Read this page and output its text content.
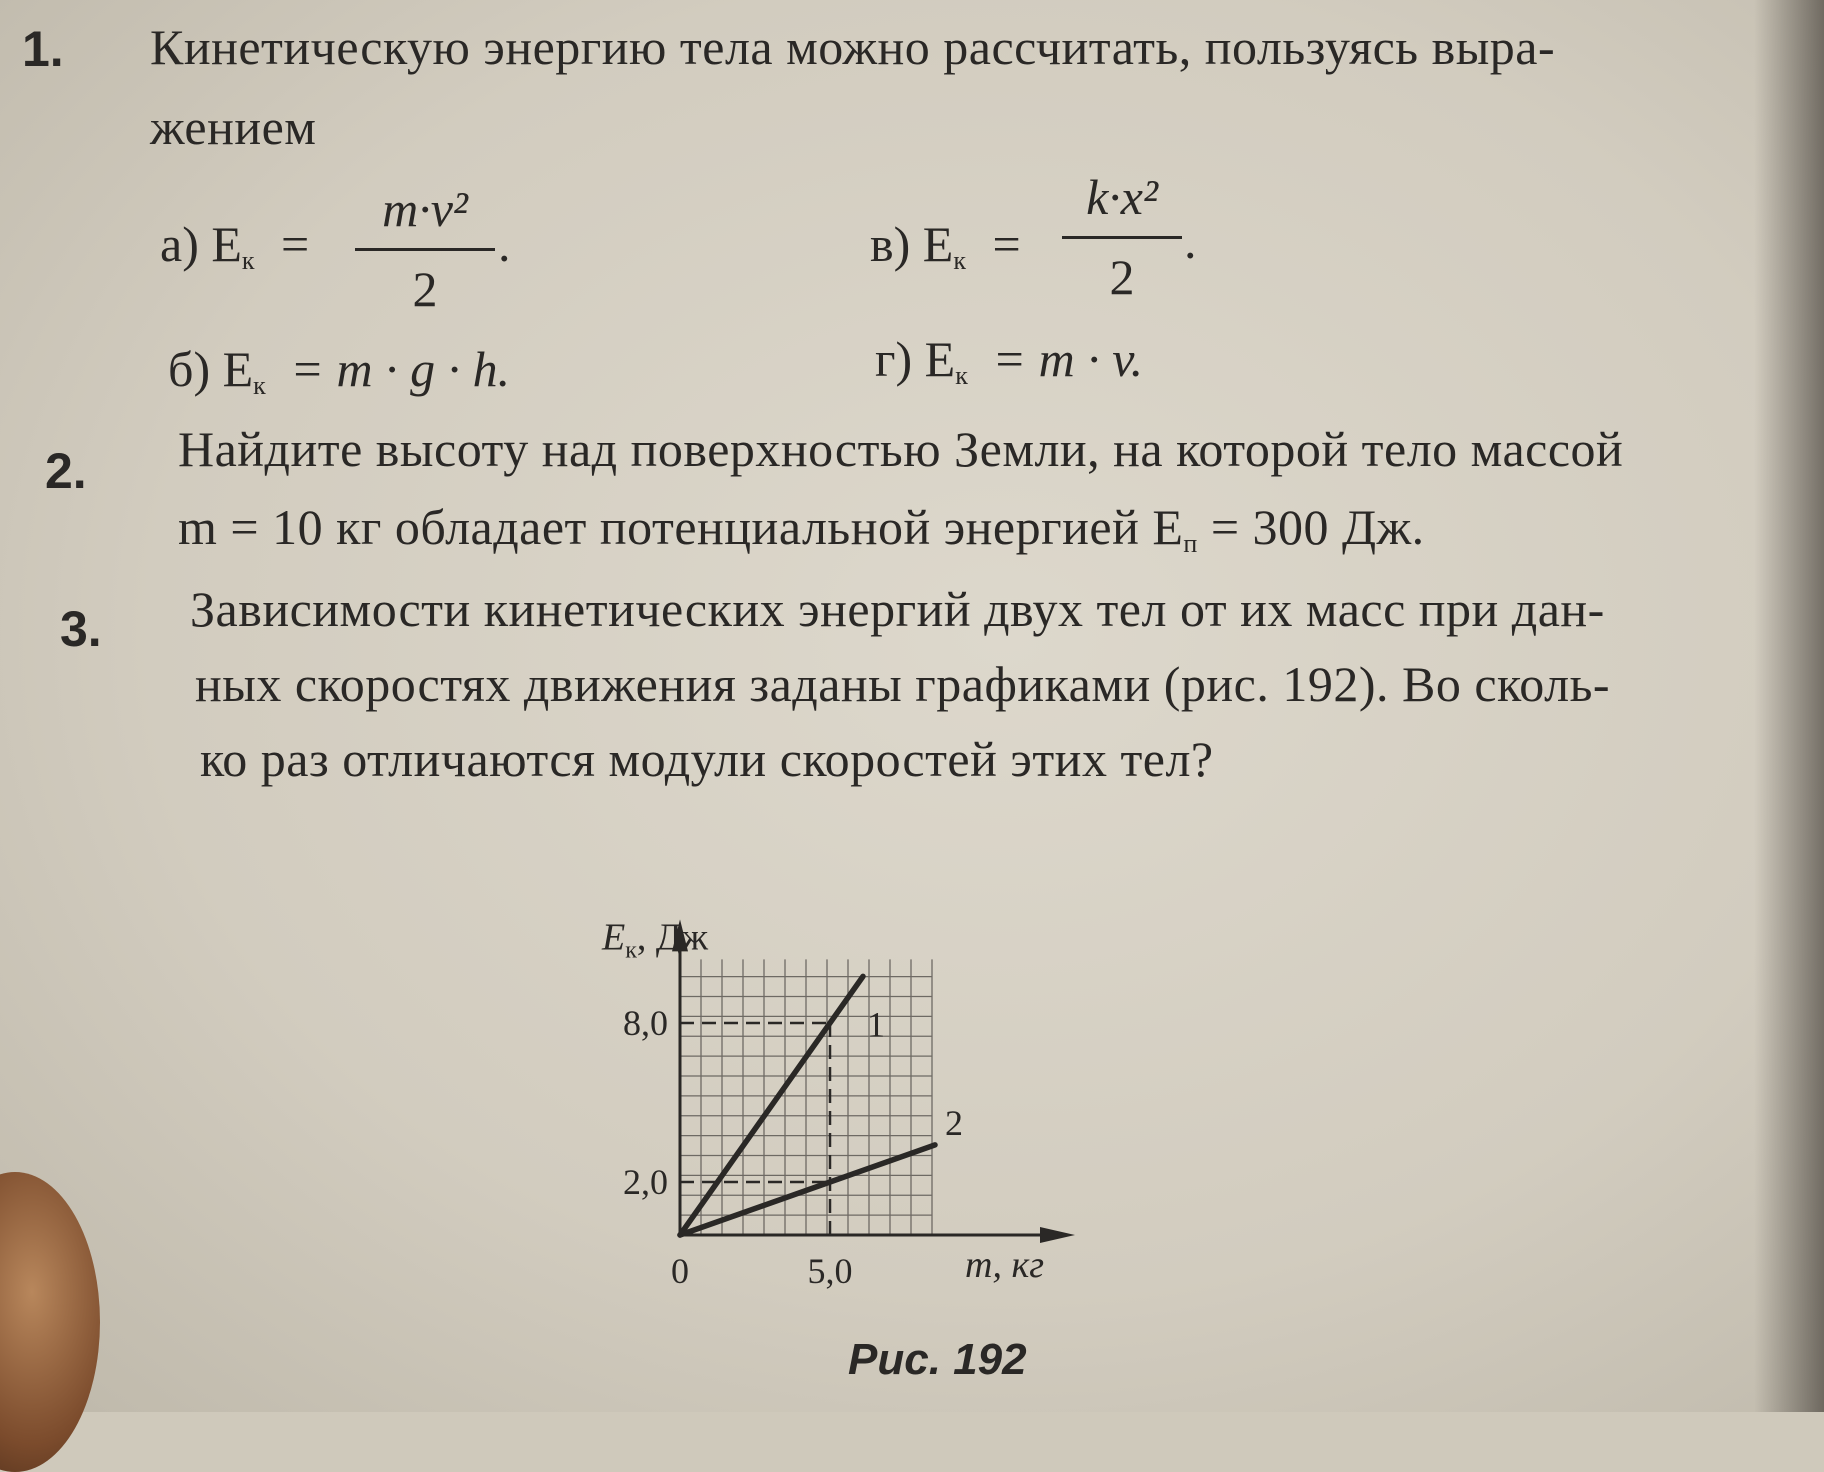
1. Кинетическую энергию тела можно рассчитать, пользуясь выра-
жением
а) $E_к$ =
m·v²
2
.	в) $E_к$ =
k·x²
2
.
б) $E_к = m \cdot g \cdot h$.	г) $E_к = m \cdot v$.
2. Найдите высоту над поверхностью Земли, на которой тело массой
m = 10 кг обладает потенциальной энергией $E_п = 300$ Дж.
3. Зависимости кинетических энергий двух тел от их масс при дан-
ных скоростях движения заданы графиками (рис. 192). Во сколь-
ко раз отличаются модули скоростей этих тел?
1
2
2,0
8,0
5,0
0
$E_к$, Дж
m, кг
Рис. 192
